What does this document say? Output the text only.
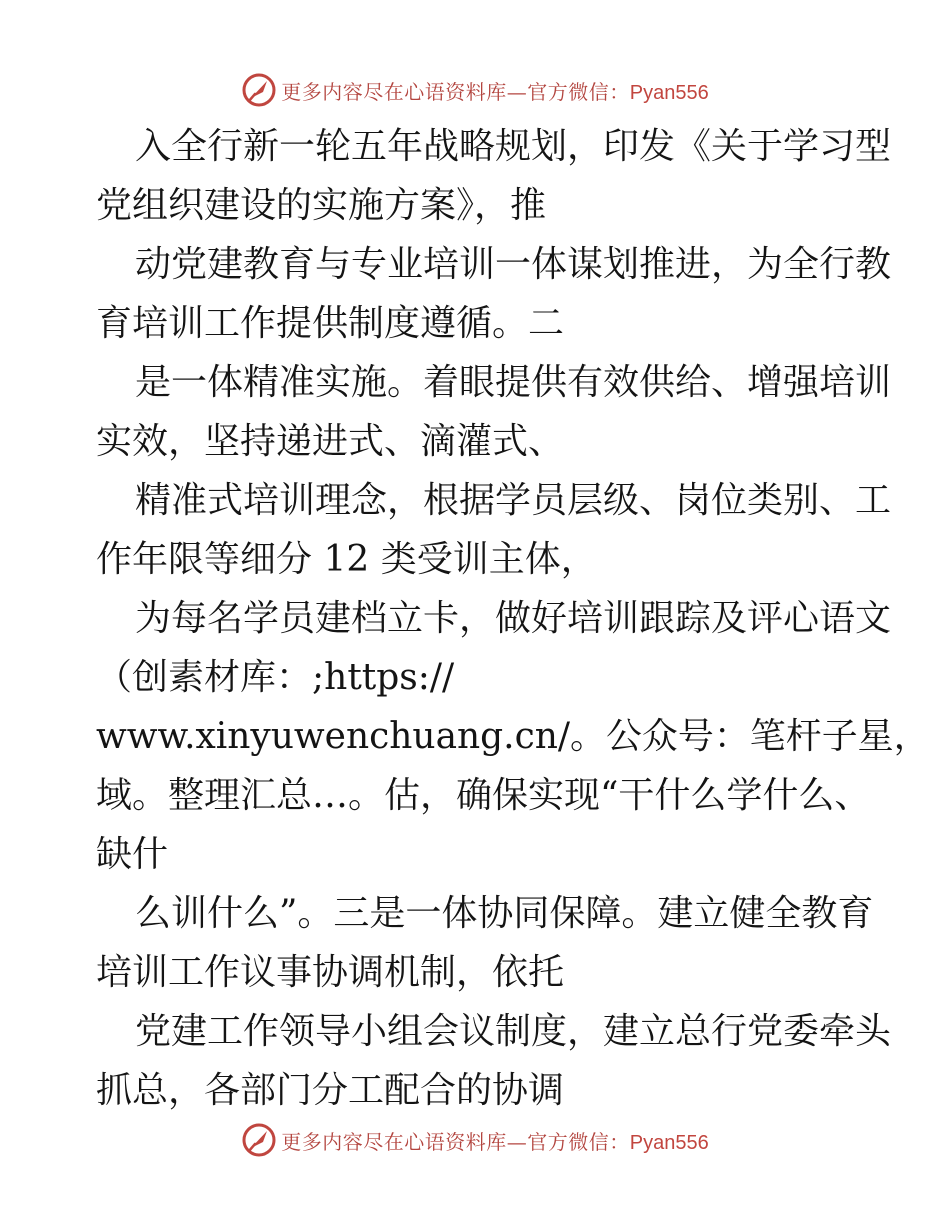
更多内容尽在心语资料库—官方微信：Pyan556
入全行新一轮五年战略规划，印发《关于学习型
党组织建设的实施方案》，推
动党建教育与专业培训一体谋划推进，为全行教
育培训工作提供制度遵循。二
是一体精准实施。着眼提供有效供给、增强培训
实效，坚持递进式、滴灌式、
精准式培训理念，根据学员层级、岗位类别、工
作年限等细分 12 类受训主体，
为每名学员建档立卡，做好培训跟踪及评心语文
（创素材库：;https://
www.xinyuwenchuang.cn/。公众号：笔杆子星，
域。整理汇总…。估，确保实现“干什么学什么、
缺什
么训什么”。三是一体协同保障。建立健全教育
培训工作议事协调机制，依托
党建工作领导小组会议制度，建立总行党委牵头
抓总，各部门分工配合的协调
更多内容尽在心语资料库—官方微信：Pyan556
